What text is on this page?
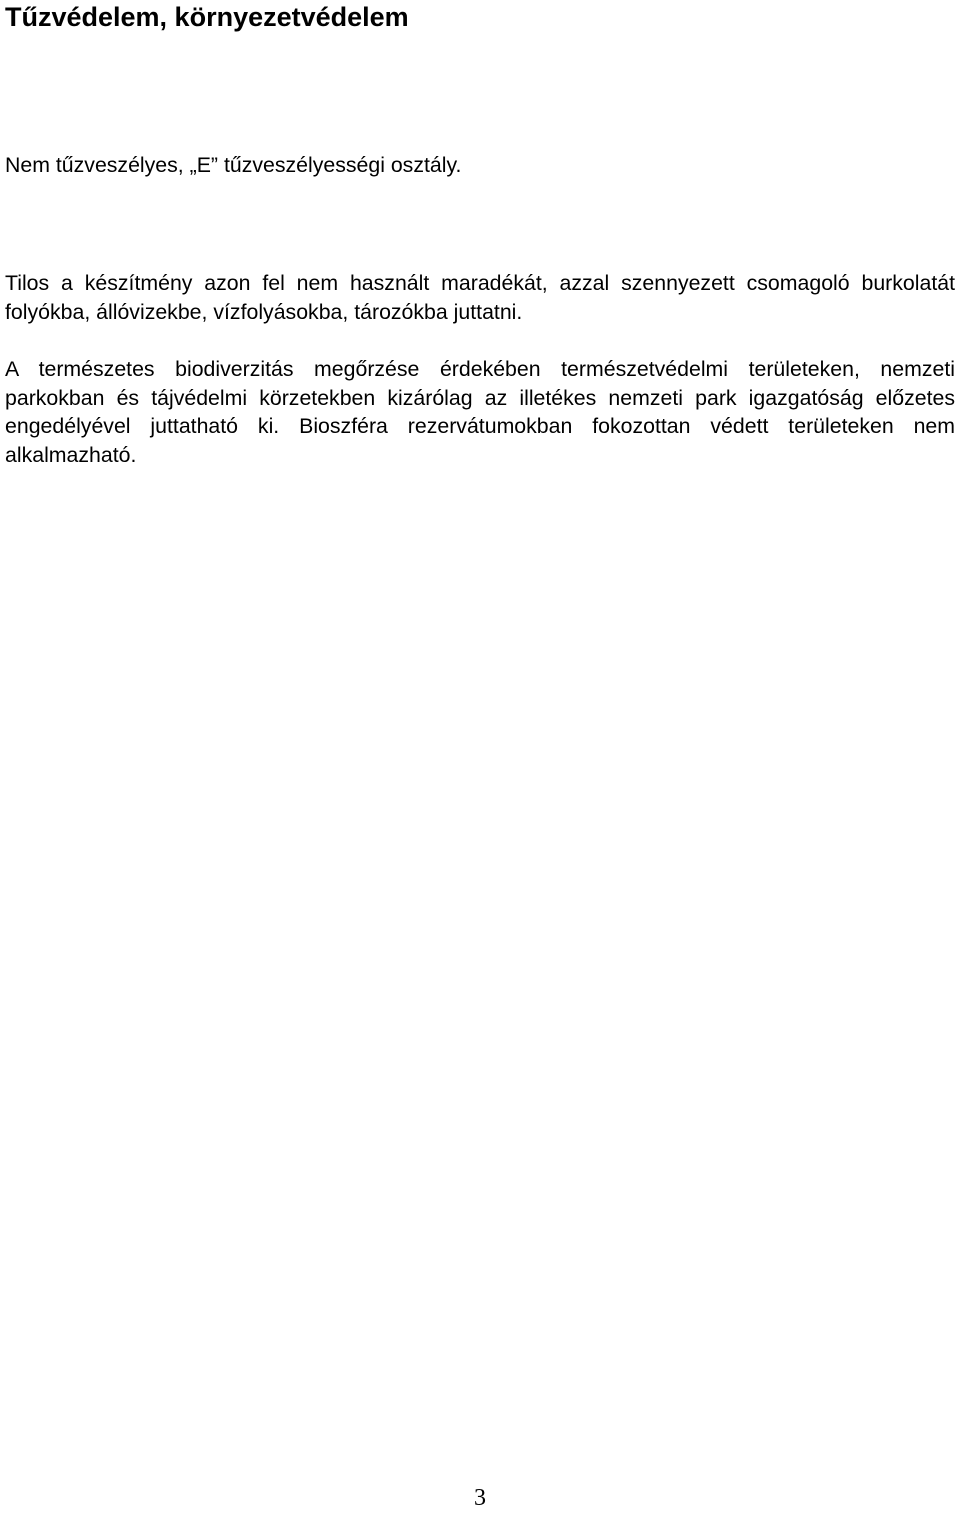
Tűzvédelem, környezetvédelem

Nem tűzveszélyes, „E” tűzveszélyességi osztály.

Tilos a készítmény azon fel nem használt maradékát, azzal szennyezett csomagoló burkolatát folyókba, állóvizekbe, vízfolyásokba, tározókba juttatni.

A természetes biodiverzitás megőrzése érdekében természetvédelmi területeken, nemzeti parkokban és tájvédelmi körzetekben kizárólag az illetékes nemzeti park igazgatóság előzetes engedélyével juttatható ki. Bioszféra rezervátumokban fokozottan védett területeken nem alkalmazható.

3
